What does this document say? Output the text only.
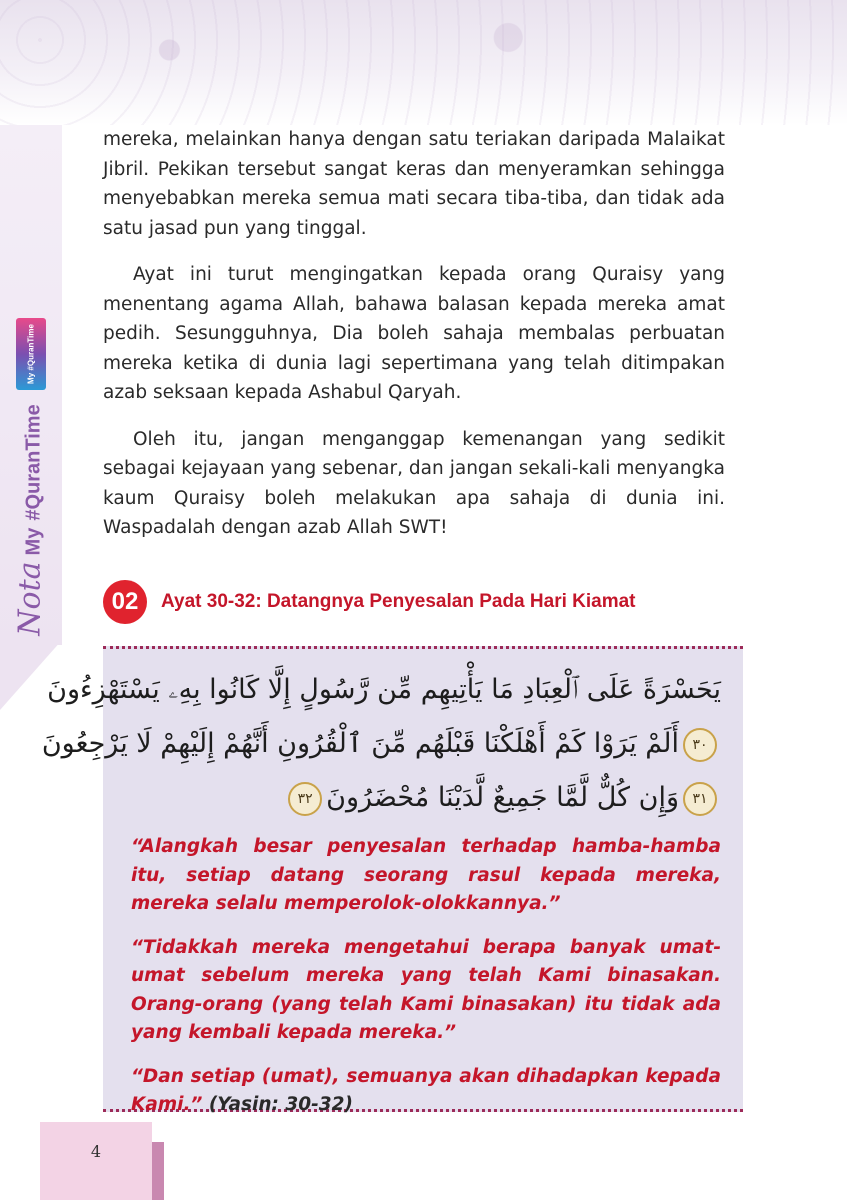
My #QuranTime
NotaMy #QuranTime

mereka, melainkan hanya dengan satu teriakan daripada Malaikat Jibril. Pekikan tersebut sangat keras dan menyeramkan sehingga menyebabkan mereka semua mati secara tiba-tiba, dan tidak ada satu jasad pun yang tinggal.

Ayat ini turut mengingatkan kepada orang Quraisy yang menentang agama Allah, bahawa balasan kepada mereka amat pedih. Sesungguhnya, Dia boleh sahaja membalas perbuatan mereka ketika di dunia lagi sepertimana yang telah ditimpakan azab seksaan kepada Ashabul Qaryah.

Oleh itu, jangan menganggap kemenangan yang sedikit sebagai kejayaan yang sebenar, dan jangan sekali-kali menyangka kaum Quraisy boleh melakukan apa sahaja di dunia ini. Waspadalah dengan azab Allah SWT!

02	Ayat 30-32: Datangnya Penyesalan Pada Hari Kiamat
يَحَسْرَةً عَلَى ٱلْعِبَادِ مَا يَأْتِيهِم مِّن رَّسُولٍ إِلَّا كَانُوا بِهِۦ يَسْتَهْزِءُونَ
٣٠أَلَمْ يَرَوْا كَمْ أَهْلَكْنَا قَبْلَهُم مِّنَ ٱلْقُرُونِ أَنَّهُمْ إِلَيْهِمْ لَا يَرْجِعُونَ
٣١وَإِن كُلٌّ لَّمَّا جَمِيعٌ لَّدَيْنَا مُحْضَرُونَ٣٢

“Alangkah besar penyesalan terhadap hamba-hamba itu, setiap datang seorang rasul kepada mereka, mereka selalu memperolok-olokkannya.”

“Tidakkah mereka mengetahui berapa banyak umat-umat sebelum mereka yang telah Kami binasakan. Orang-orang (yang telah Kami binasakan) itu tidak ada yang kembali kepada mereka.”

“Dan setiap (umat), semuanya akan dihadapkan kepada Kami.” (Yasin: 30-32)

4
